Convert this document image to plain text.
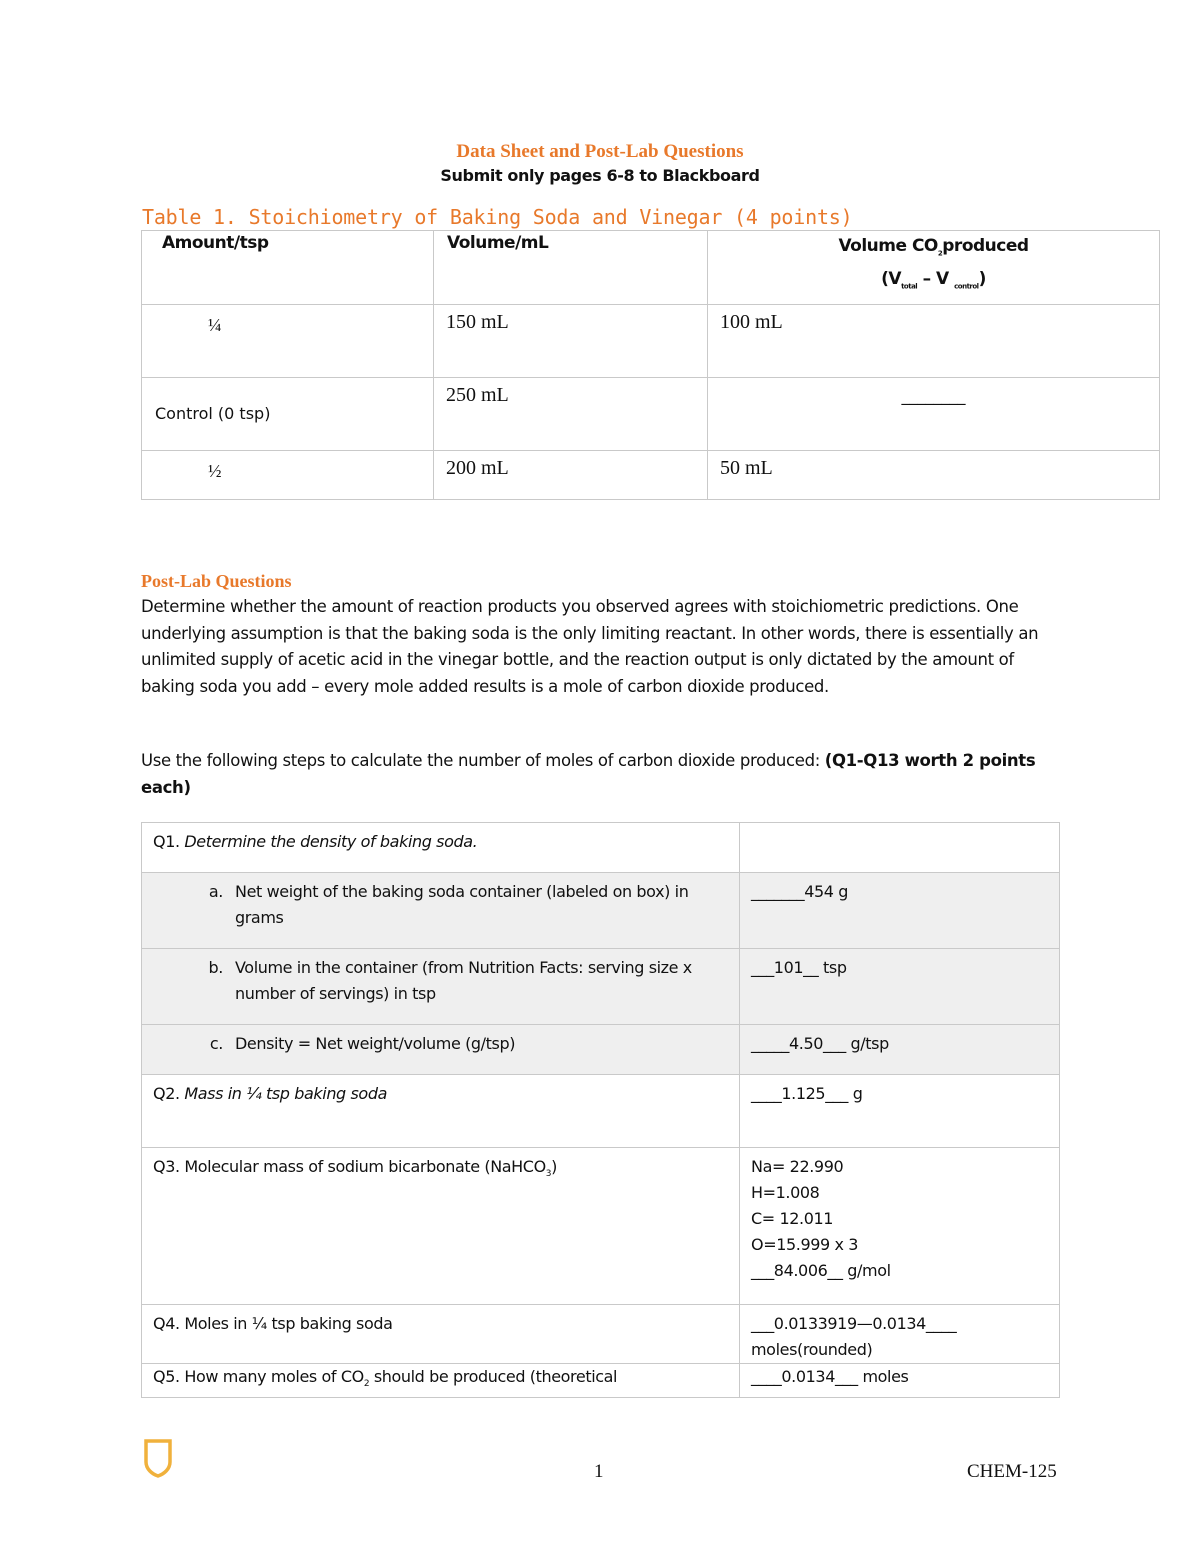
Data Sheet and Post-Lab Questions
Submit only pages 6-8 to Blackboard
Table 1. Stoichiometry of Baking Soda and Vinegar (4 points)
Amount/tsp	Volume/mL	Volume $CO_2produced$
($V_{total}$ – V $_{control}$)

¼	150 mL	100 mL
Control (0 tsp)	250 mL	________
½	200 mL	50 mL
Post-Lab Questions
Determine whether the amount of reaction products you observed agrees with stoichiometric predictions. One underlying assumption is that the baking soda is the only limiting reactant. In other words, there is essentially an unlimited supply of acetic acid in the vinegar bottle, and the reaction output is only dictated by the amount of baking soda you add – every mole added results is a mole of carbon dioxide produced.
Use the following steps to calculate the number of moles of carbon dioxide produced: (Q1-Q13 worth 2 points each)
Q1. Determine the density of baking soda.	

a. Net weight of the baking soda container (labeled on box) in grams	_______454 g

b. Volume in the container (from Nutrition Facts: serving size x number of servings) in tsp	___101__ tsp

c. Density = Net weight/volume (g/tsp)	_____4.50___ g/tsp
Q2. Mass in ¼ tsp baking soda	____1.125___ g
Q3. Molecular mass of sodium bicarbonate (NaHCO$_3$)	Na= 22.990
H=1.008
C= 12.011
O=15.999 x 3
___84.006__ g/mol

Q4. Moles in ¼ tsp baking soda	___0.0133919—0.0134____
moles(rounded)

Q5. How many moles of $CO_2$ should be produced (theoretical	____0.0134___ moles
1	CHEM-125
